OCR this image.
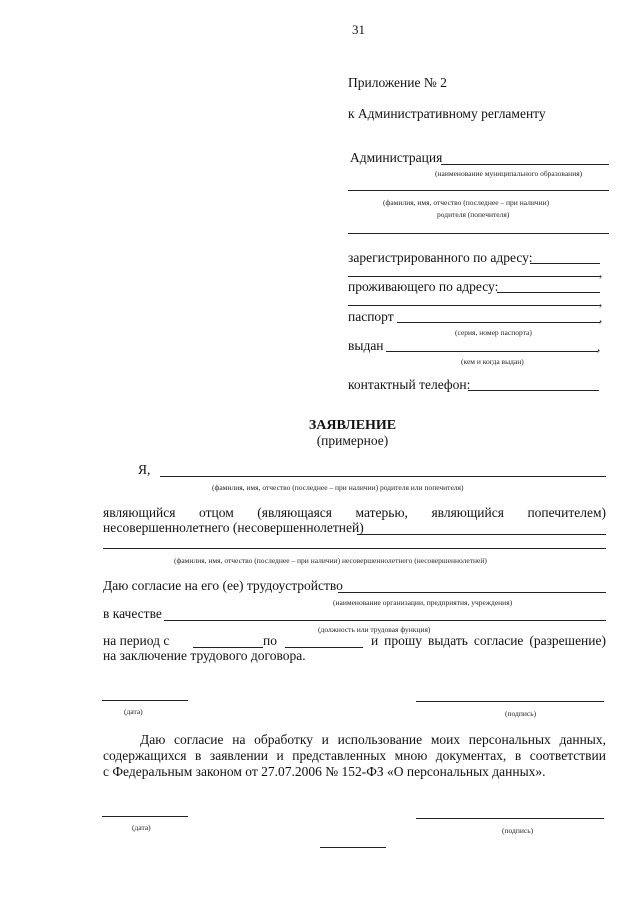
31
Приложение № 2
к Административному регламенту
Администрация
(наименование муниципального образования)
(фамилия, имя, отчество (последнее – при наличии)
родителя (попечителя)
зарегистрированного по адресу:
,
проживающего по адресу:
,
паспорт	,
(серия, номер паспорта)
выдан	,
(кем и когда выдан)
контактный телефон:
ЗАЯВЛЕНИЕ
(примерное)
Я,
(фамилия, имя, отчество (последнее – при наличии) родителя или попечителя)
являющийся отцом (являющаяся матерью, являющийся попечителем)
несовершеннолетнего (несовершеннолетней)
(фамилия, имя, отчество (последнее – при наличии) несовершеннолетнего (несовершеннолетней)
Даю согласие на его (ее) трудоустройство
(наименование организации, предприятия, учреждения)
в качестве
(должность или трудовая функция)
на период с	по	и прошу выдать согласие (разрешение)
на заключение трудового договора.
(дата)	(подпись)
Даю согласие на обработку и использование моих персональных данных,
содержащихся в заявлении и представленных мною документах, в соответствии
с Федеральным законом от 27.07.2006 № 152-ФЗ «О персональных данных».
(дата)	(подпись)
